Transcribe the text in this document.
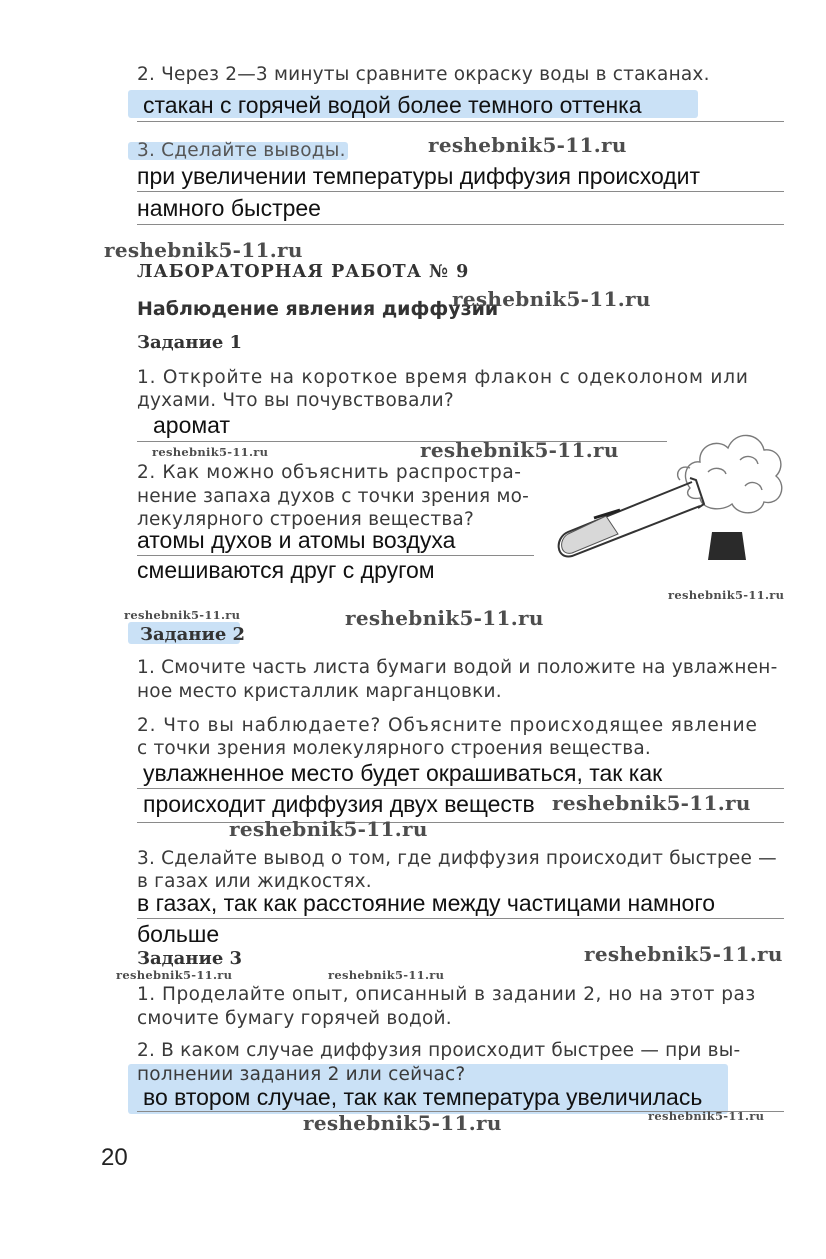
2. Через 2—3 минуты сравните окраску воды в стаканах.
стакан с горячей водой более темного оттенка
3. Сделайте выводы.
при увеличении температуры диффузия происходит
намного быстрее
ЛАБОРАТОРНАЯ РАБОТА № 9
Наблюдение явления диффузии
Задание 1
1. Откройте на короткое время флакон с одеколоном или
духами. Что вы почувствовали?
аромат
2. Как можно объяснить распростра-
нение запаха духов с точки зрения мо-
лекулярного строения вещества?
атомы духов и атомы воздуха
смешиваются друг с другом
Задание 2
1. Смочите часть листа бумаги водой и положите на увлажнен-
ное место кристаллик марганцовки.
2. Что вы наблюдаете? Объясните происходящее явление
с точки зрения молекулярного строения вещества.
увлажненное место будет окрашиваться, так как
происходит диффузия двух веществ
3. Сделайте вывод о том, где диффузия происходит быстрее —
в газах или жидкостях.
в газах, так как расстояние между частицами намного
больше
Задание 3
1. Проделайте опыт, описанный в задании 2, но на этот раз
смочите бумагу горячей водой.
2. В каком случае диффузия происходит быстрее — при вы-
полнении задания 2 или сейчас?
во втором случае, так как температура увеличилась
reshebnik5-11.ru
reshebnik5-11.ru
reshebnik5-11.ru
reshebnik5-11.ru	reshebnik5-11.ru
reshebnik5-11.ru
reshebnik5-11.ru	reshebnik5-11.ru
reshebnik5-11.ru
reshebnik5-11.ru
reshebnik5-11.ru
reshebnik5-11.ru	reshebnik5-11.ru
reshebnik5-11.ru
reshebnik5-11.ru
20
